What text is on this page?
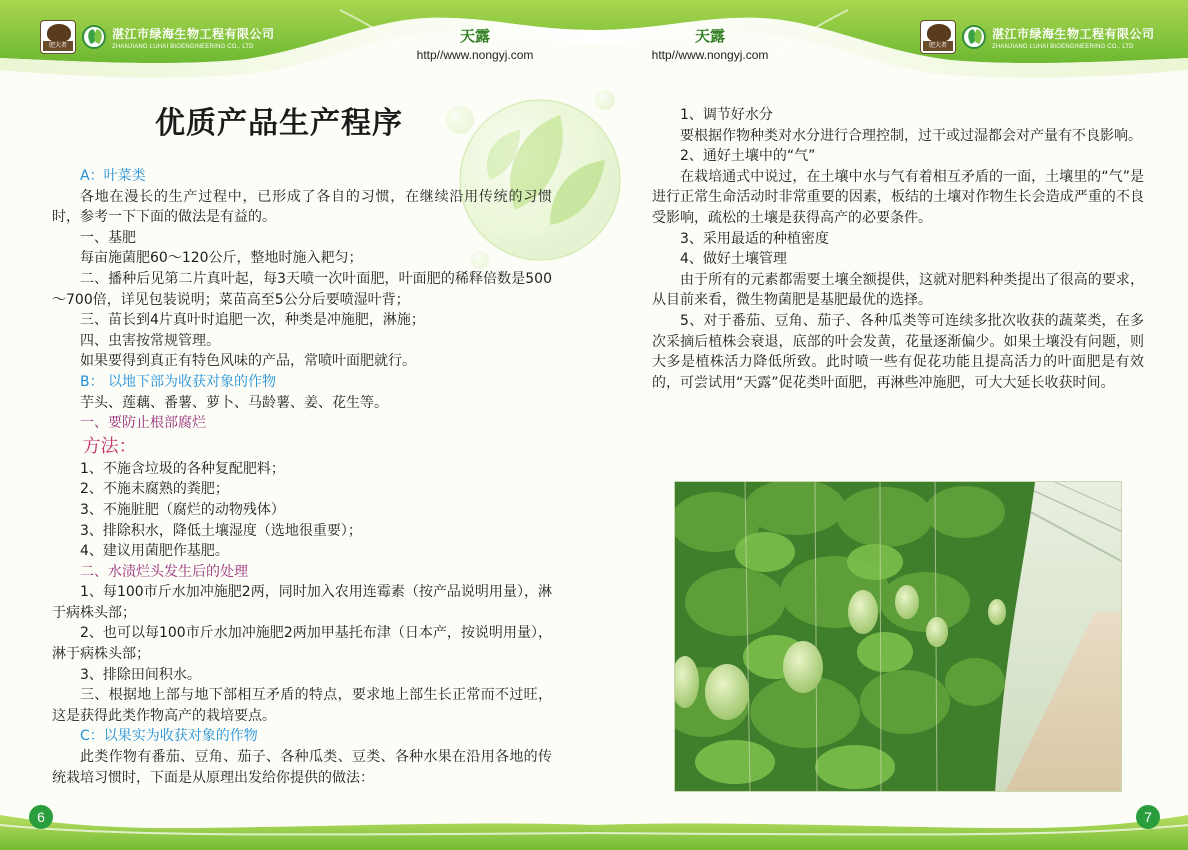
肥大者
湛江市绿海生物工程有限公司
ZHANJIANG LUHAI BIOENGINEERING CO., LTD
天露
http//www.nongyj.com
天露
http//www.nongyj.com
肥大者
湛江市绿海生物工程有限公司
ZHANJIANG LUHAI BIOENGINEERING CO., LTD
优质产品生产程序

A：叶菜类

各地在漫长的生产过程中，已形成了各自的习惯，在继续沿用传统的习惯时，参考一下下面的做法是有益的。

一、基肥

每亩施菌肥60～120公斤，整地时施入耙匀；

二、播种后见第二片真叶起，每3天喷一次叶面肥，叶面肥的稀释倍数是500～700倍，详见包装说明；菜苗高至5公分后要喷湿叶背；

三、苗长到4片真叶时追肥一次，种类是冲施肥，淋施；

四、虫害按常规管理。

如果要得到真正有特色风味的产品，常喷叶面肥就行。

B： 以地下部为收获对象的作物

芋头、莲藕、番薯、萝卜、马龄薯、姜、花生等。

一、要防止根部腐烂

方法：

1、不施含垃圾的各种复配肥料；

2、不施未腐熟的粪肥；

3、不施脏肥（腐烂的动物残体）

3、排除积水，降低土壤湿度（选地很重要）；

4、建议用菌肥作基肥。

二、水渍烂头发生后的处理

1、每100市斤水加冲施肥2两，同时加入农用连霉素（按产品说明用量），淋于病株头部；

2、也可以每100市斤水加冲施肥2两加甲基托布津（日本产，按说明用量），淋于病株头部；

3、排除田间积水。

三、根据地上部与地下部相互矛盾的特点，要求地上部生长正常而不过旺，这是获得此类作物高产的栽培要点。

C：以果实为收获对象的作物

此类作物有番茄、豆角、茄子、各种瓜类、豆类、各种水果在沿用各地的传统栽培习惯时，下面是从原理出发给你提供的做法：

1、调节好水分

要根据作物种类对水分进行合理控制，过干或过湿都会对产量有不良影响。

2、通好土壤中的“气”

在栽培通式中说过，在土壤中水与气有着相互矛盾的一面，土壤里的“气”是进行正常生命活动时非常重要的因素，板结的土壤对作物生长会造成严重的不良受影响，疏松的土壤是获得高产的必要条件。

3、采用最适的种植密度

4、做好土壤管理

由于所有的元素都需要土壤全额提供，这就对肥料种类提出了很高的要求，从目前来看，微生物菌肥是基肥最优的选择。

5、对于番茄、豆角、茄子、各种瓜类等可连续多批次收获的蔬菜类，在多次采摘后植株会衰退，底部的叶会发黄，花量逐渐偏少。如果土壤没有问题，则大多是植株活力降低所致。此时喷一些有促花功能且提高活力的叶面肥是有效的，可尝试用“天露”促花类叶面肥，再淋些冲施肥，可大大延长收获时间。

6	7
